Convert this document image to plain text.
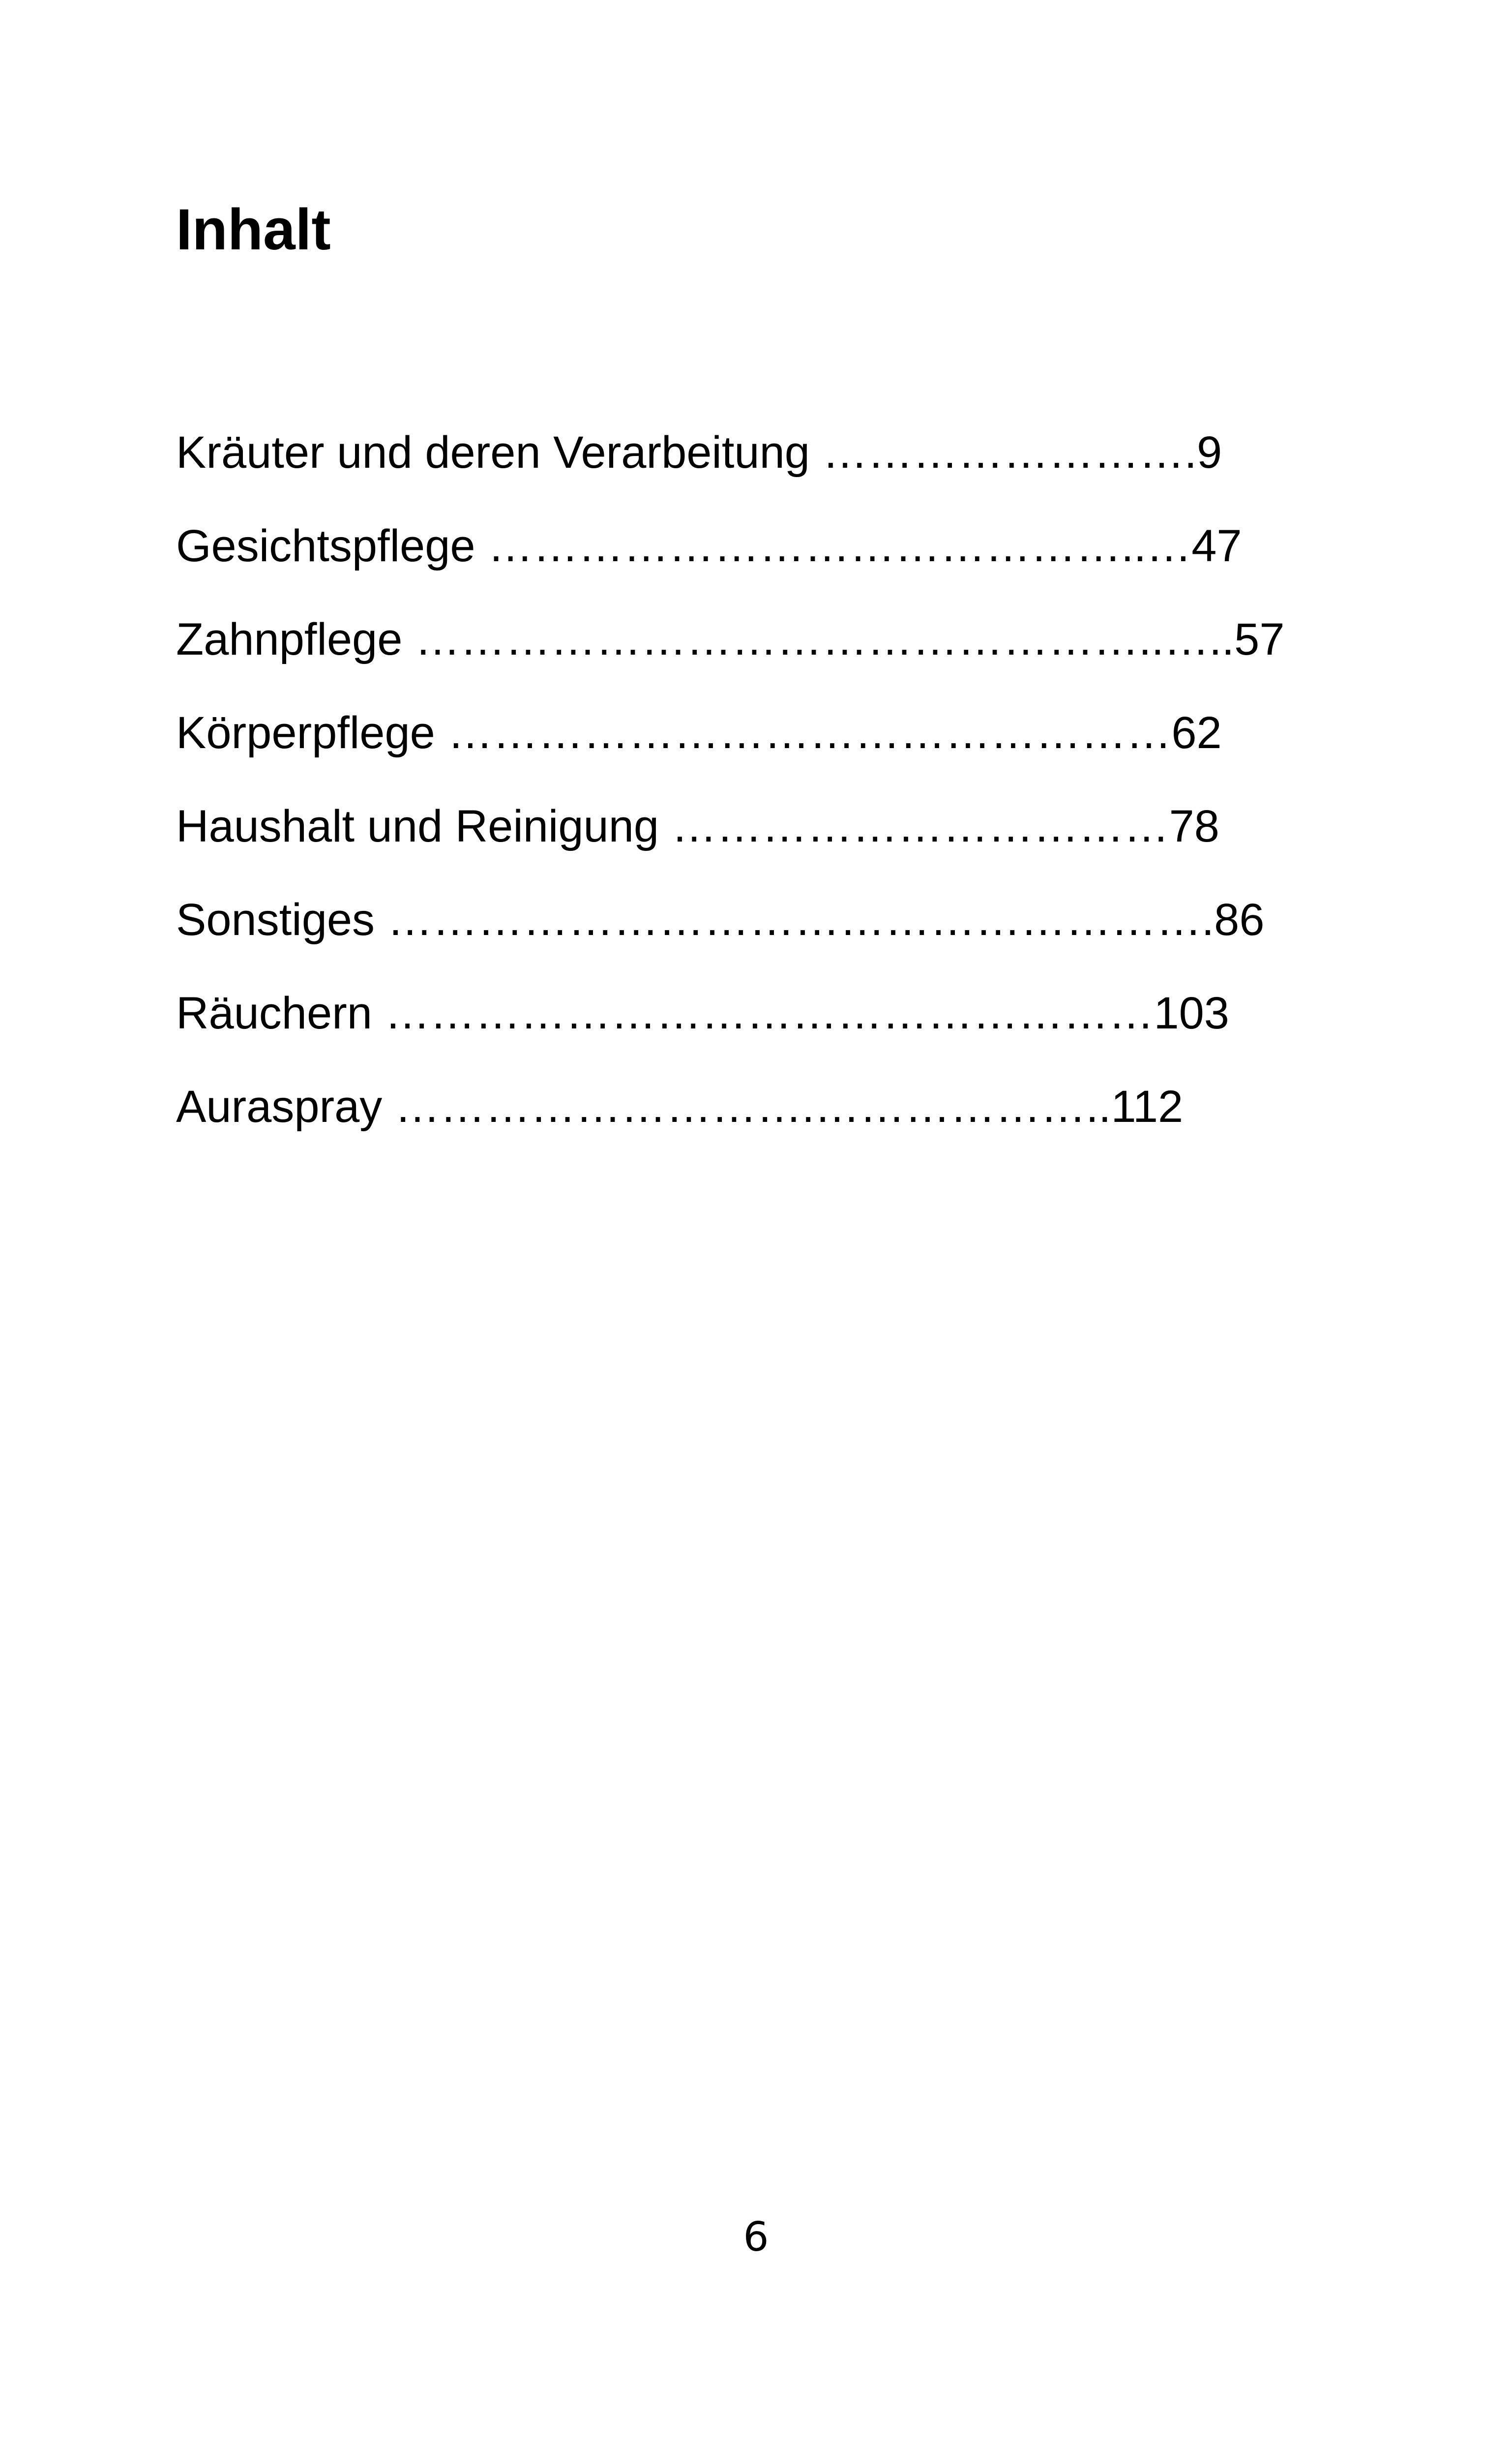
Inhalt
Kräuter und deren Verarbeitung …………………….9
Gesichtspflege ……………………………………..…47
Zahnpflege …………………………………………..…..57
Körperpflege …………………………………………62
Haushalt und Reinigung ……………………………78
Sonstiges ……………………………………………….86
Räuchern ……………………………………………103
Auraspray ……………………….………………..112
6
